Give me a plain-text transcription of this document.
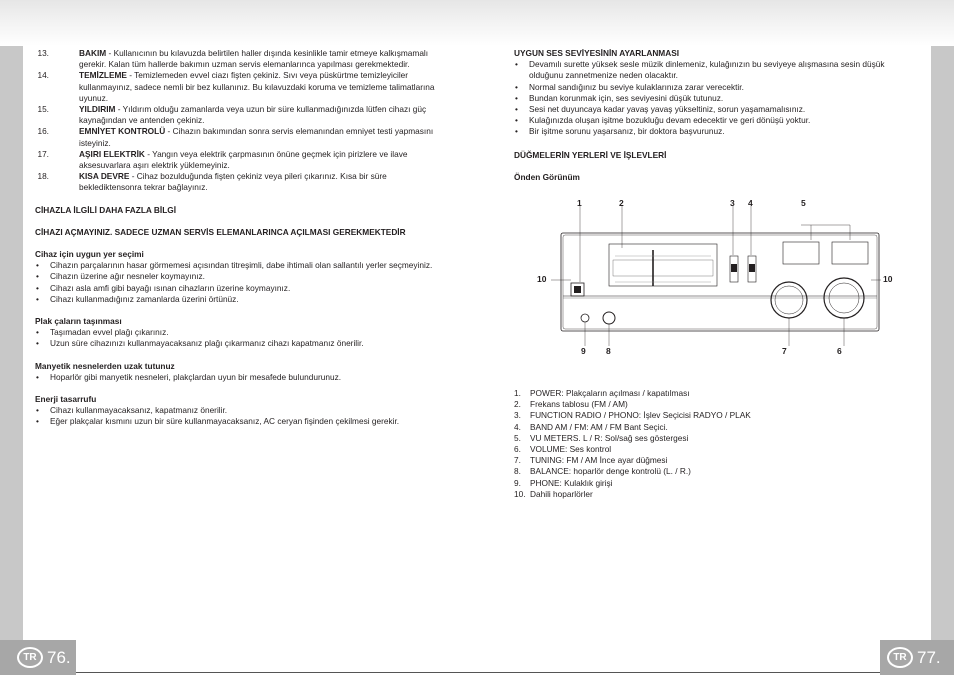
TR 76.	TR 77.
13.	BAKIM - Kullanıcının bu kılavuzda belirtilen haller dışında kesinlikle tamir etmeye kalkışmamalı gerekir. Kalan tüm hallerde bakımın uzman servis elemanlarınca yapılması gerekmektedir.
14.	TEMİZLEME - Temizlemeden evvel ciazı fişten çekiniz. Sıvı veya püskürtme temizleyiciler kullanmayınız, sadece nemli bir bez kullanınız. Bu kılavuzdaki koruma ve temizleme talimatlarına uyunuz.
15.	YILDIRIM - Yıldırım olduğu zamanlarda veya uzun bir süre kullanmadığınızda lütfen cihazı güç kaynağından ve antenden çekiniz.
16.	EMNİYET KONTROLÜ - Cihazın bakımından sonra servis elemanından emniyet testi yapmasını isteyiniz.
17.	AŞIRI ELEKTRİK - Yangın veya elektrik çarpmasının önüne geçmek için pirizlere ve ilave aksesuvarlara aşırı elektrik yüklemeyiniz.
18.	KISA DEVRE - Cihaz bozulduğunda fişten çekiniz veya pileri çıkarınız. Kısa bir süre beklediktensonra tekrar bağlayınız.
CİHAZLA İLGİLİ DAHA FAZLA BİLGİ
CİHAZI AÇMAYINIZ. SADECE UZMAN SERVİS ELEMANLARINCA AÇILMASI GEREKMEKTEDİR
Cihaz için uygun yer seçimi
• Cihazın parçalarının hasar görmemesi açısından titreşimli, dabe ihtimali olan sallantılı yerler seçmeyiniz.
• Cihazın üzerine ağır nesneler koymayınız.
• Cihazı asla amfi gibi bayağı ısınan cihazların üzerine koymayınız.
• Cihazı kullanmadığınız zamanlarda üzerini örtünüz.
Plak çaların taşınması
• Taşımadan evvel plağı çıkarınız.
• Uzun süre cihazınızı kullanmayacaksanız plağı çıkarmanız cihazı kapatmanız önerilir.
Manyetik nesnelerden uzak tutunuz
• Hoparlör gibi manyetik nesneleri, plakçlardan uyun bir mesafede bulundurunuz.
Enerji tasarrufu
• Cihazı kullanmayacaksanız, kapatmanız önerilir.
• Eğer plakçalar kısmını uzun bir süre kullanmayacaksanız, AC ceryan fişinden çekilmesi gerekir.
UYGUN SES SEVİYESİNİN AYARLANMASI
• Devamılı surette yüksek sesle müzik dinlemeniz, kulağınızın bu seviyeye alışmasına sesin düşük olduğunu zannetmenize neden olacaktır.
• Normal sandığınız bu seviye kulaklarınıza zarar verecektir.
• Bundan korunmak için, ses seviyesini düşük tutunuz.
• Sesi net duyuncaya kadar yavaş yavaş yükseltiniz, sorun yaşamamalısınız.
• Kulağınızda oluşan işitme bozukluğu devam edecektir ve geri dönüşü yoktur.
• Bir işitme sorunu yaşarsanız, bir doktora başvurunuz.
DÜĞMELERİN YERLERİ VE İŞLEVLERİ
Önden Görünüm
1	2	3 4	5
10	10
9 8	7	6
1. POWER: Plakçaların açılması / kapatılması
2. Frekans tablosu (FM / AM)
3. FUNCTION RADIO / PHONO: İşlev Seçicisi RADYO / PLAK
4. BAND AM / FM: AM / FM Bant Seçici.
5. VU METERS. L / R: Sol/sağ ses göstergesi
6. VOLUME: Ses kontrol
7. TUNING: FM / AM İnce ayar düğmesi
8. BALANCE: hoparlör denge kontrolü (L. / R.)
9. PHONE: Kulaklık girişi
10. Dahili hoparlörler
